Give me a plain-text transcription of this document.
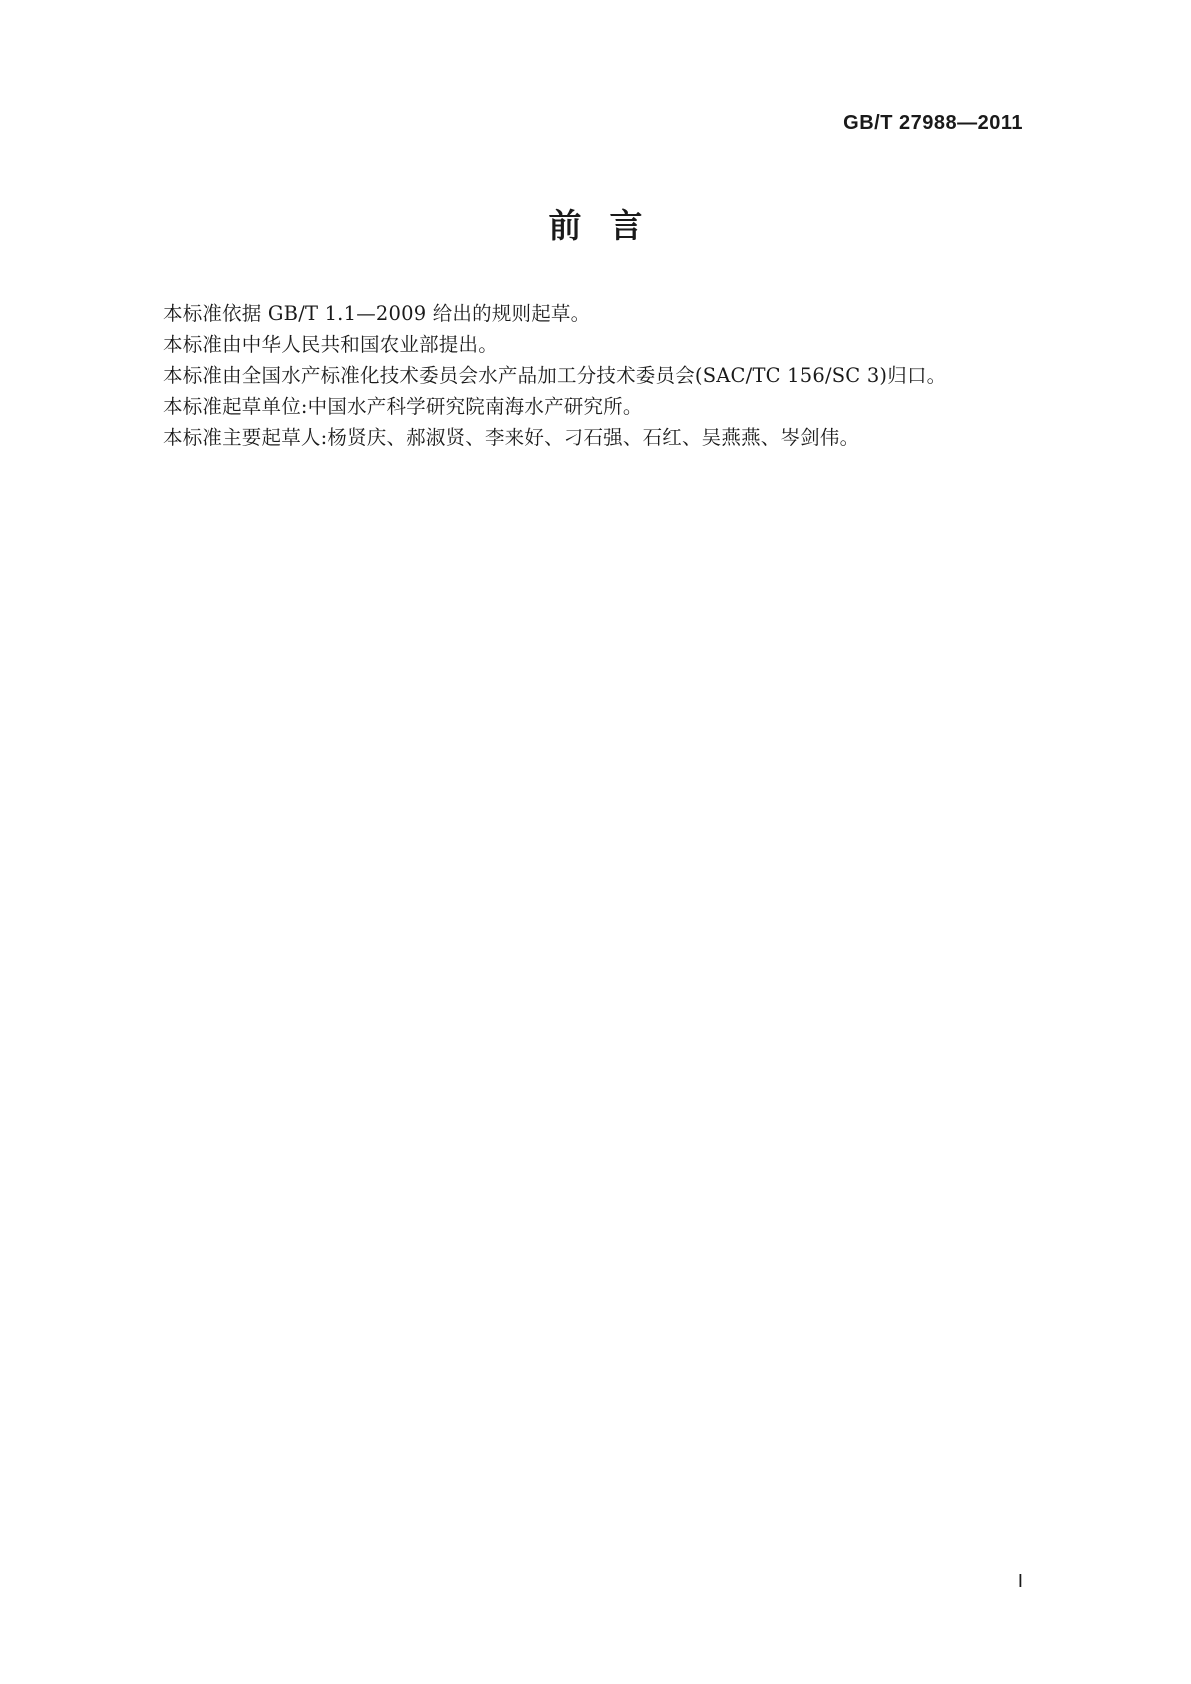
GB/T 27988—2011
前言
本标准依据 GB/T 1.1—2009 给出的规则起草。
本标准由中华人民共和国农业部提出。
本标准由全国水产标准化技术委员会水产品加工分技术委员会(SAC/TC 156/SC 3)归口。
本标准起草单位:中国水产科学研究院南海水产研究所。
本标准主要起草人:杨贤庆、郝淑贤、李来好、刁石强、石红、吴燕燕、岑剑伟。
Ⅰ
